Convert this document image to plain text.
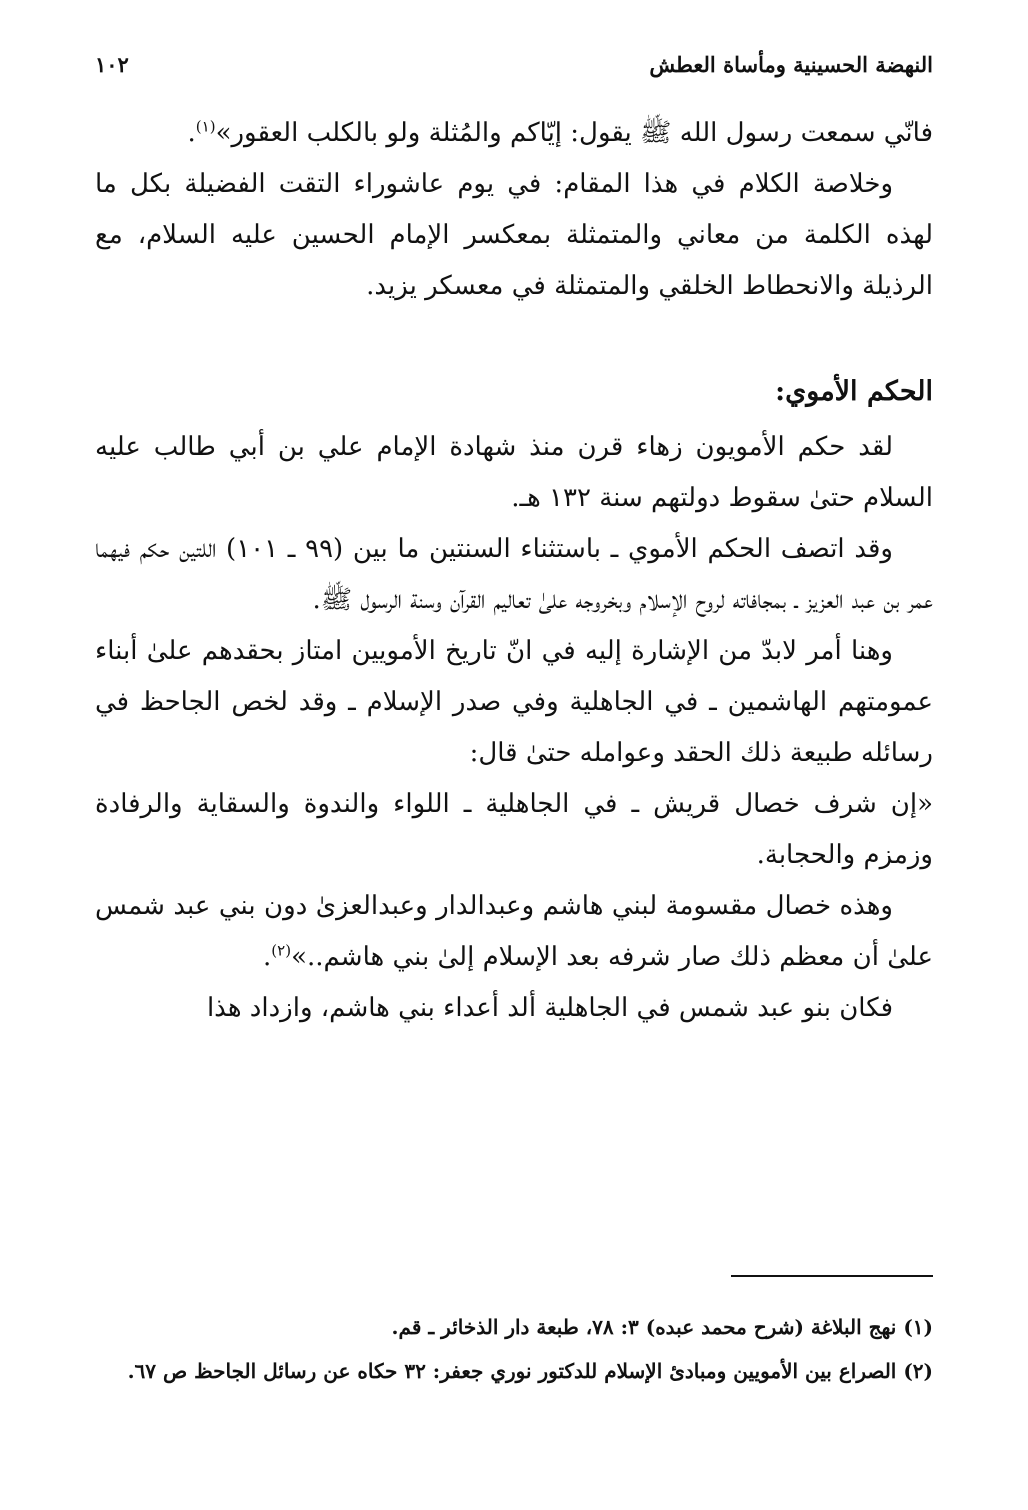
النهضة الحسينية ومأساة العطش
١٠٢

فانّي سمعت رسول الله ﷺ يقول: إيّاكم والمُثلة ولو بالكلب العقور»$^{(١)}$.

وخلاصة الكلام في هذا المقام: في يوم عاشوراء التقت الفضيلة بكل ما لهذه الكلمة من معاني والمتمثلة بمعكسر الإمام الحسين عليه السلام، مع الرذيلة والانحطاط الخلقي والمتمثلة في معسكر يزيد.

الحكم الأموي:

لقد حكم الأمويون زهاء قرن منذ شهادة الإمام علي بن أبي طالب عليه السلام حتىٰ سقوط دولتهم سنة ١٣٢ هـ.

وقد اتصف الحكم الأموي ـ باستثناء السنتين ما بين (٩٩ ـ ١٠١) اللتين حكم فيهما عمر بن عبد العزيز ـ بمجافاته لروح الإسلام وبخروجه علىٰ تعاليم القرآن وسنة الرسول ﷺ.

وهنا أمر لابدّ من الإشارة إليه في انّ تاريخ الأمويين امتاز بحقدهم علىٰ أبناء عمومتهم الهاشمين ـ في الجاهلية وفي صدر الإسلام ـ وقد لخص الجاحظ في رسائله طبيعة ذلك الحقد وعوامله حتىٰ قال:

«إن شرف خصال قريش ـ في الجاهلية ـ اللواء والندوة والسقاية والرفادة وزمزم والحجابة.

وهذه خصال مقسومة لبني هاشم وعبدالدار وعبدالعزىٰ دون بني عبد شمس علىٰ أن معظم ذلك صار شرفه بعد الإسلام إلىٰ بني هاشم..»$^{(٢)}$.

فكان بنو عبد شمس في الجاهلية ألد أعداء بني هاشم، وازداد هذا

(١) نهج البلاغة (شرح محمد عبده) ٣: ٧٨، طبعة دار الذخائر ـ قم.

(٢) الصراع بين الأمويين ومبادئ الإسلام للدكتور نوري جعفر: ٣٢ حكاه عن رسائل الجاحظ ص ٦٧.
